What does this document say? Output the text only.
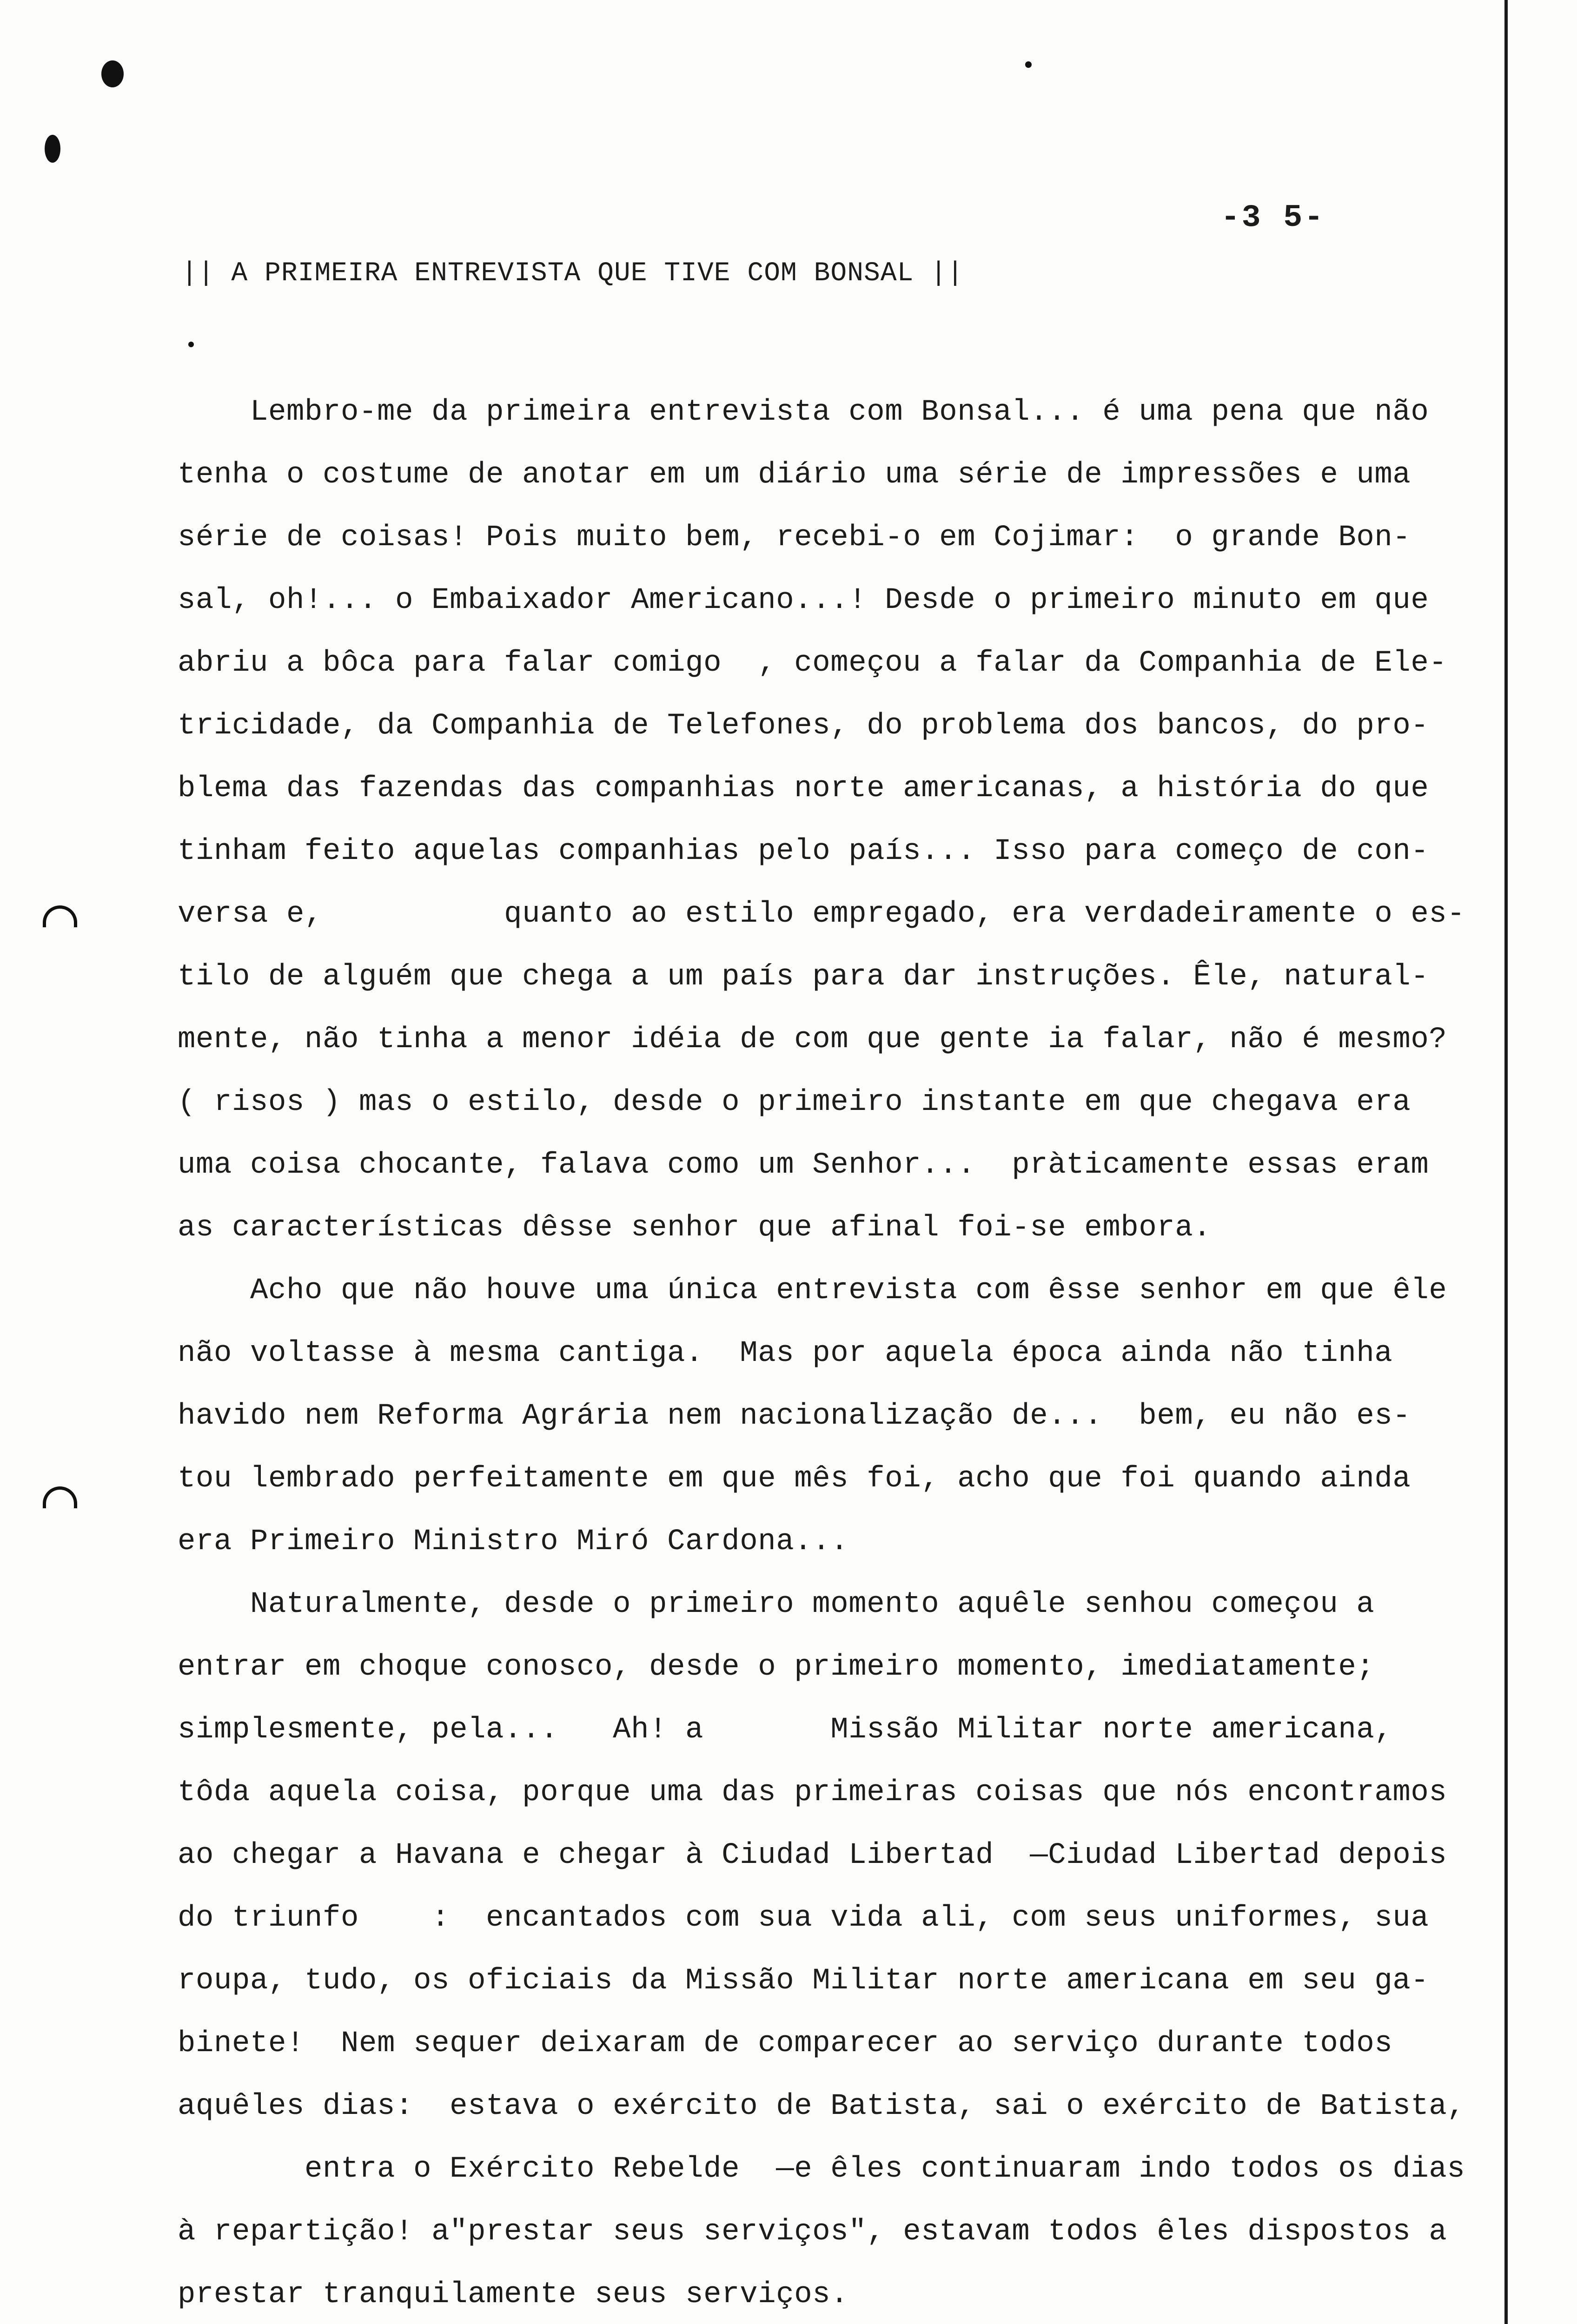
-3 5-
|| A PRIMEIRA ENTREVISTA QUE TIVE COM BONSAL ||
Lembro-me da primeira entrevista com Bonsal... é uma pena que não
tenha o costume de anotar em um diário uma série de impressões e uma
série de coisas! Pois muito bem, recebi-o em Cojimar:  o grande Bon-
sal, oh!... o Embaixador Americano...! Desde o primeiro minuto em que
abriu a bôca para falar comigo  , começou a falar da Companhia de Ele-
tricidade, da Companhia de Telefones, do problema dos bancos, do pro-
blema das fazendas das companhias norte americanas, a história do que
tinham feito aquelas companhias pelo país... Isso para começo de con-
versa e,          quanto ao estilo empregado, era verdadeiramente o es-
tilo de alguém que chega a um país para dar instruções. Êle, natural-
mente, não tinha a menor idéia de com que gente ia falar, não é mesmo?
( risos ) mas o estilo, desde o primeiro instante em que chegava era
uma coisa chocante, falava como um Senhor...  pràticamente essas eram
as características dêsse senhor que afinal foi-se embora.
Acho que não houve uma única entrevista com êsse senhor em que êle
não voltasse à mesma cantiga.  Mas por aquela época ainda não tinha
havido nem Reforma Agrária nem nacionalização de...  bem, eu não es-
tou lembrado perfeitamente em que mês foi, acho que foi quando ainda
era Primeiro Ministro Miró Cardona...
Naturalmente, desde o primeiro momento aquêle senhou começou a
entrar em choque conosco, desde o primeiro momento, imediatamente;
simplesmente, pela...   Ah! a       Missão Militar norte americana,
tôda aquela coisa, porque uma das primeiras coisas que nós encontramos
ao chegar a Havana e chegar à Ciudad Libertad  —Ciudad Libertad depois
do triunfo    :  encantados com sua vida ali, com seus uniformes, sua
roupa, tudo, os oficiais da Missão Militar norte americana em seu ga-
binete!  Nem sequer deixaram de comparecer ao serviço durante todos
aquêles dias:  estava o exército de Batista, sai o exército de Batista,
entra o Exército Rebelde  —e êles continuaram indo todos os dias
à repartição! a"prestar seus serviços", estavam todos êles dispostos a
prestar tranquilamente seus serviços.
